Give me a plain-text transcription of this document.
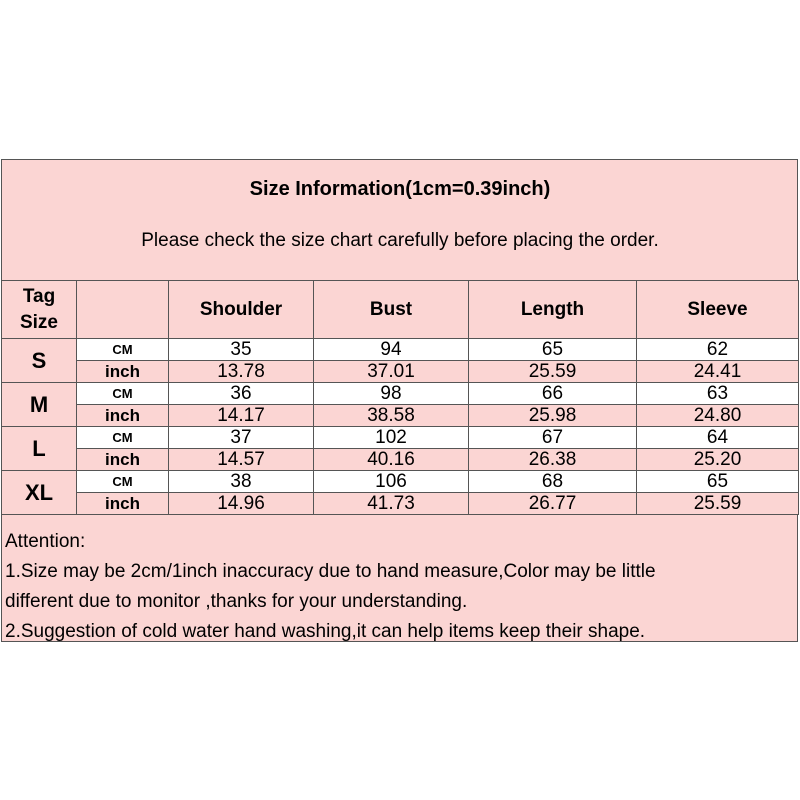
Size Information(1cm=0.39inch)
Please check the size chart carefully before placing the order.
Tag
Size		Shoulder	Bust	Length	Sleeve
S	CM	35	94	65	62
	inch	13.78	37.01	25.59	24.41
M	CM	36	98	66	63
	inch	14.17	38.58	25.98	24.80
L	CM	37	102	67	64
	inch	14.57	40.16	26.38	25.20
XL	CM	38	106	68	65
	inch	14.96	41.73	26.77	25.59
Attention:
1.Size may be 2cm/1inch inaccuracy due to hand measure,Color may be little
different due to monitor ,thanks for your understanding.
2.Suggestion of cold water hand washing,it can help items keep their shape.
